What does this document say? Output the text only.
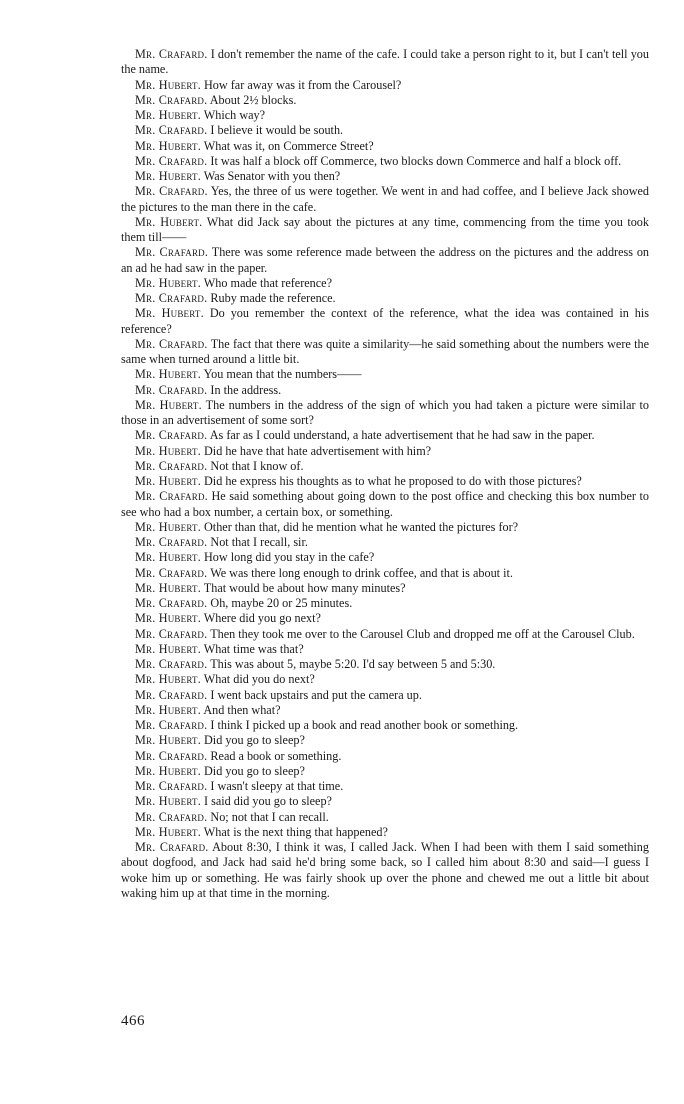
Mr. Crafard. I don't remember the name of the cafe. I could take a person right to it, but I can't tell you the name.

Mr. Hubert. How far away was it from the Carousel?

Mr. Crafard. About 2½ blocks.

Mr. Hubert. Which way?

Mr. Crafard. I believe it would be south.

Mr. Hubert. What was it, on Commerce Street?

Mr. Crafard. It was half a block off Commerce, two blocks down Commerce and half a block off.

Mr. Hubert. Was Senator with you then?

Mr. Crafard. Yes, the three of us were together. We went in and had coffee, and I believe Jack showed the pictures to the man there in the cafe.

Mr. Hubert. What did Jack say about the pictures at any time, commencing from the time you took them till——

Mr. Crafard. There was some reference made between the address on the pictures and the address on an ad he had saw in the paper.

Mr. Hubert. Who made that reference?

Mr. Crafard. Ruby made the reference.

Mr. Hubert. Do you remember the context of the reference, what the idea was contained in his reference?

Mr. Crafard. The fact that there was quite a similarity—he said something about the numbers were the same when turned around a little bit.

Mr. Hubert. You mean that the numbers——

Mr. Crafard. In the address.

Mr. Hubert. The numbers in the address of the sign of which you had taken a picture were similar to those in an advertisement of some sort?

Mr. Crafard. As far as I could understand, a hate advertisement that he had saw in the paper.

Mr. Hubert. Did he have that hate advertisement with him?

Mr. Crafard. Not that I know of.

Mr. Hubert. Did he express his thoughts as to what he proposed to do with those pictures?

Mr. Crafard. He said something about going down to the post office and checking this box number to see who had a box number, a certain box, or something.

Mr. Hubert. Other than that, did he mention what he wanted the pictures for?

Mr. Crafard. Not that I recall, sir.

Mr. Hubert. How long did you stay in the cafe?

Mr. Crafard. We was there long enough to drink coffee, and that is about it.

Mr. Hubert. That would be about how many minutes?

Mr. Crafard. Oh, maybe 20 or 25 minutes.

Mr. Hubert. Where did you go next?

Mr. Crafard. Then they took me over to the Carousel Club and dropped me off at the Carousel Club.

Mr. Hubert. What time was that?

Mr. Crafard. This was about 5, maybe 5:20. I'd say between 5 and 5:30.

Mr. Hubert. What did you do next?

Mr. Crafard. I went back upstairs and put the camera up.

Mr. Hubert. And then what?

Mr. Crafard. I think I picked up a book and read another book or something.

Mr. Hubert. Did you go to sleep?

Mr. Crafard. Read a book or something.

Mr. Hubert. Did you go to sleep?

Mr. Crafard. I wasn't sleepy at that time.

Mr. Hubert. I said did you go to sleep?

Mr. Crafard. No; not that I can recall.

Mr. Hubert. What is the next thing that happened?

Mr. Crafard. About 8:30, I think it was, I called Jack. When I had been with them I said something about dogfood, and Jack had said he'd bring some back, so I called him about 8:30 and said—I guess I woke him up or something. He was fairly shook up over the phone and chewed me out a little bit about waking him up at that time in the morning.

466
